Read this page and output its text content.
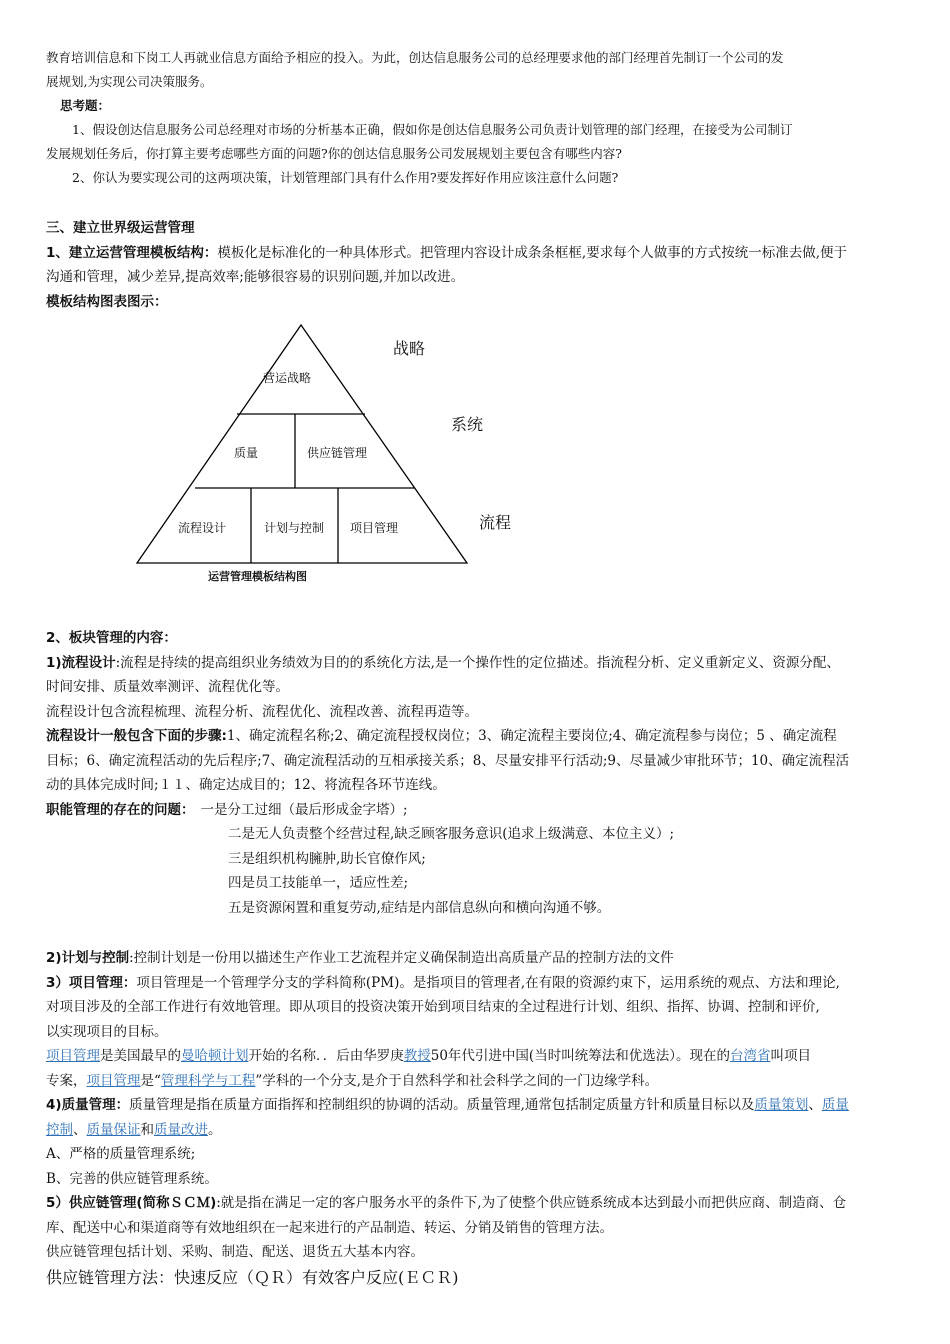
教育培训信息和下岗工人再就业信息方面给予相应的投入。为此，创达信息服务公司的总经理要求他的部门经理首先制订一个公司的发
展规划,为实现公司决策服务。
思考题：
1、假设创达信息服务公司总经理对市场的分析基本正确，假如你是创达信息服务公司负责计划管理的部门经理，在接受为公司制订
发展规划任务后，你打算主要考虑哪些方面的问题?你的创达信息服务公司发展规划主要包含有哪些内容?
2、你认为要实现公司的这两项决策，计划管理部门具有什么作用?要发挥好作用应该注意什么问题?

三、建立世界级运营管理

1、建立运营管理模板结构：模板化是标准化的一种具体形式。把管理内容设计成条条框框,要求每个人做事的方式按统一标准去做,便于

沟通和管理，减少差异,提高效率;能够很容易的识别问题,并加以改进。

模板结构图表图示：

营运战略
质量	供应链管理
流程设计	计划与控制 项目管理
战略
系统
流程
运营管理模板结构图

2、板块管理的内容：

1)流程设计:流程是持续的提高组织业务绩效为目的的系统化方法,是一个操作性的定位描述。指流程分析、定义重新定义、资源分配、

时间安排、质量效率测评、流程优化等。

流程设计包含流程梳理、流程分析、流程优化、流程改善、流程再造等。

流程设计一般包含下面的步骤:1、确定流程名称;2、确定流程授权岗位；3、确定流程主要岗位;4、确定流程参与岗位；5 、确定流程

目标；6、确定流程活动的先后程序;7、确定流程活动的互相承接关系；8、尽量安排平行活动;9、尽量减少审批环节；10、确定流程活

动的具体完成时间;１１、确定达成目的；12、将流程各环节连线。

职能管理的存在的问题： 一是分工过细（最后形成金字塔）;

二是无人负责整个经营过程,缺乏顾客服务意识(追求上级满意、本位主义）;

三是组织机构臃肿,助长官僚作风;

四是员工技能单一，适应性差;

五是资源闲置和重复劳动,症结是内部信息纵向和横向沟通不够。

2)计划与控制:控制计划是一份用以描述生产作业工艺流程并定义确保制造出高质量产品的控制方法的文件

3）项目管理：项目管理是一个管理学分支的学科简称(PM)。是指项目的管理者,在有限的资源约束下，运用系统的观点、方法和理论,

对项目涉及的全部工作进行有效地管理。即从项目的投资决策开始到项目结束的全过程进行计划、组织、指挥、协调、控制和评价,

以实现项目的目标。

项目管理是美国最早的曼哈顿计划开始的名称．．后由华罗庚教授50年代引进中国(当时叫统筹法和优选法）。现在的台湾省叫项目

专案，项目管理是“管理科学与工程”学科的一个分支,是介于自然科学和社会科学之间的一门边缘学科。

4)质量管理：质量管理是指在质量方面指挥和控制组织的协调的活动。质量管理,通常包括制定质量方针和质量目标以及质量策划、质量

控制、质量保证和质量改进。

A、严格的质量管理系统;

B、完善的供应链管理系统。

5）供应链管理(简称ＳＣＭ):就是指在满足一定的客户服务水平的条件下,为了使整个供应链系统成本达到最小而把供应商、制造商、仓

库、配送中心和渠道商等有效地组织在一起来进行的产品制造、转运、分销及销售的管理方法。

供应链管理包括计划、采购、制造、配送、退货五大基本内容。

供应链管理方法：快速反应（ＱＲ）有效客户反应(ＥＣＲ)
